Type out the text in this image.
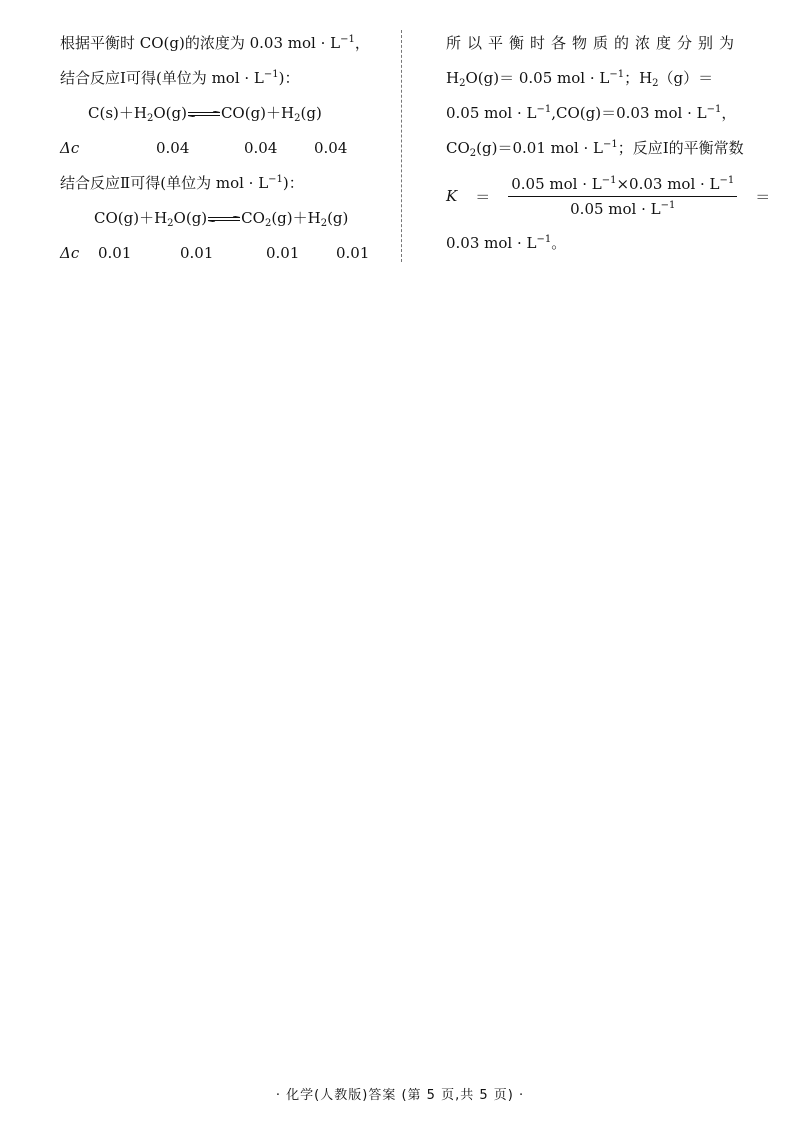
根据平衡时 CO(g)的浓度为 0.03 mol · $L^{-1}$，
结合反应Ⅰ可得(单位为 mol · $L^{-1}$)：
$C(s)+H_2O(g)\rightleftharpoons CO(g)+H_2(g)$
Δc	0.04	0.04 0.04
结合反应Ⅱ可得(单位为 mol · $L^{-1}$)：
$CO(g)+H_2O(g)\rightleftharpoons CO_2(g)+H_2(g)$
Δc 0.01	0.01	0.01 0.01
所以平衡时各物质的浓度分别为
$H_2O(g)= 0.05$ mol · $L^{-1}$；$H_2(g)=$
0.05 mol · $L^{-1},CO(g)=0.03$ mol · $L^{-1}$，
$CO_2(g)=0.01$ mol · $L^{-1}$；反应Ⅰ的平衡常数
$K = \frac{0.05 mol \cdot L^{-1}\times 0.03 mol \cdot L^{-1}}{0.05 mol \cdot L^{-1}}$ ＝
0.03 mol · $L^{-1}$。
· 化学(人教版)答案 (第 5 页,共 5 页) ·
